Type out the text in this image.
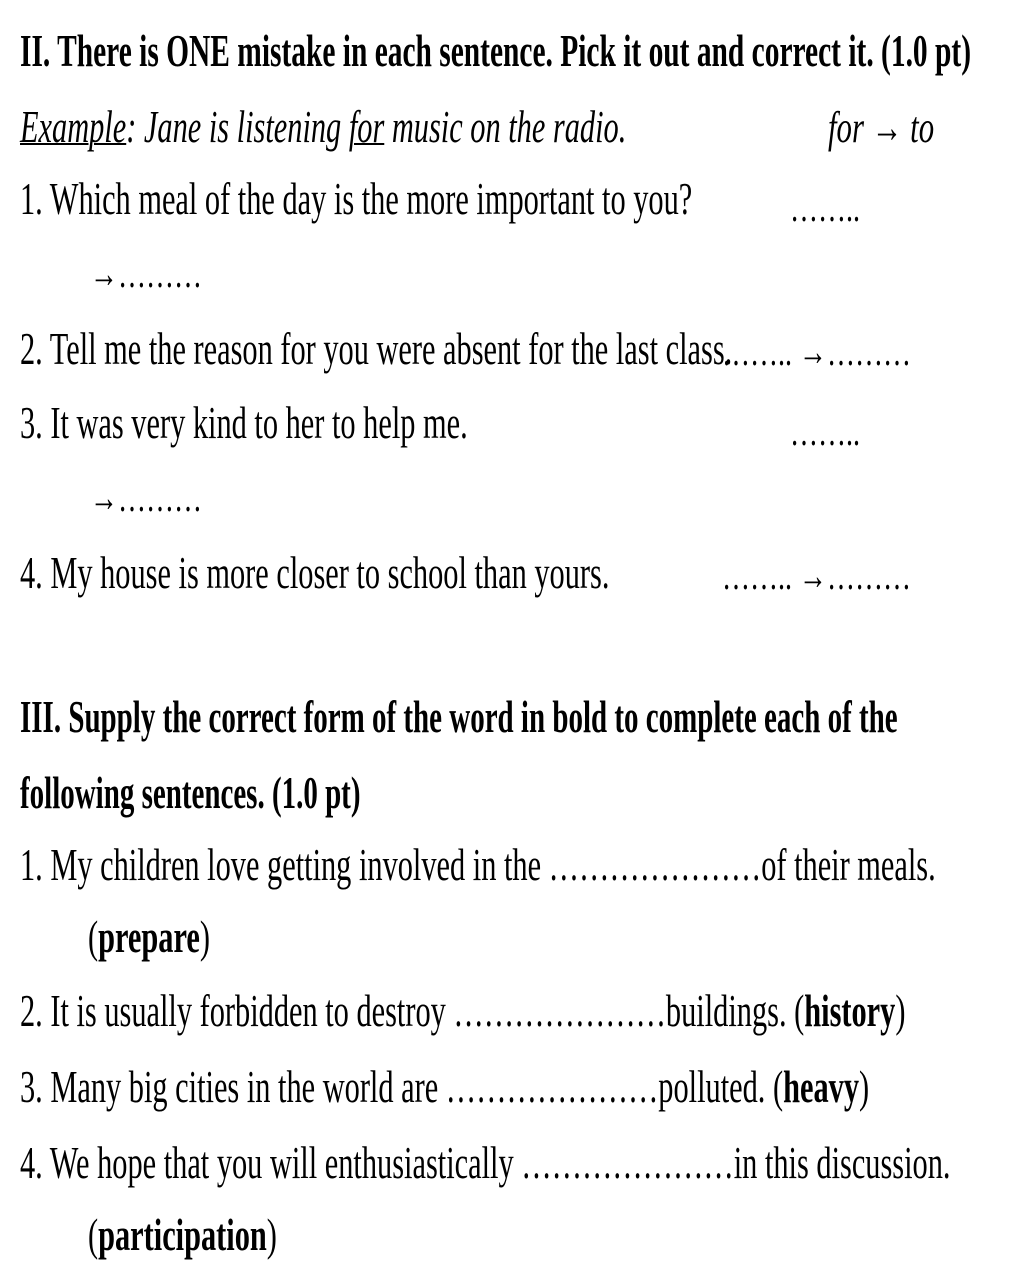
II. There is ONE mistake in each sentence. Pick it out and correct it. (1.0 pt)
Example: Jane is listening for music on the radio.	for → to
1. Which meal of the day is the more important to you? ……..
→………
2. Tell me the reason for you were absent for the last class.
…….. →………
3. It was very kind to her to help me.	……..
→………
4. My house is more closer to school than yours.	…….. →………
III. Supply the correct form of the word in bold to complete each of the
following sentences. (1.0 pt)
1. My children love getting involved in the …………………of their meals.
(prepare)
2. It is usually forbidden to destroy …………………buildings. (history)
3. Many big cities in the world are …………………polluted. (heavy)
4. We hope that you will enthusiastically …………………in this discussion.
(participation)
